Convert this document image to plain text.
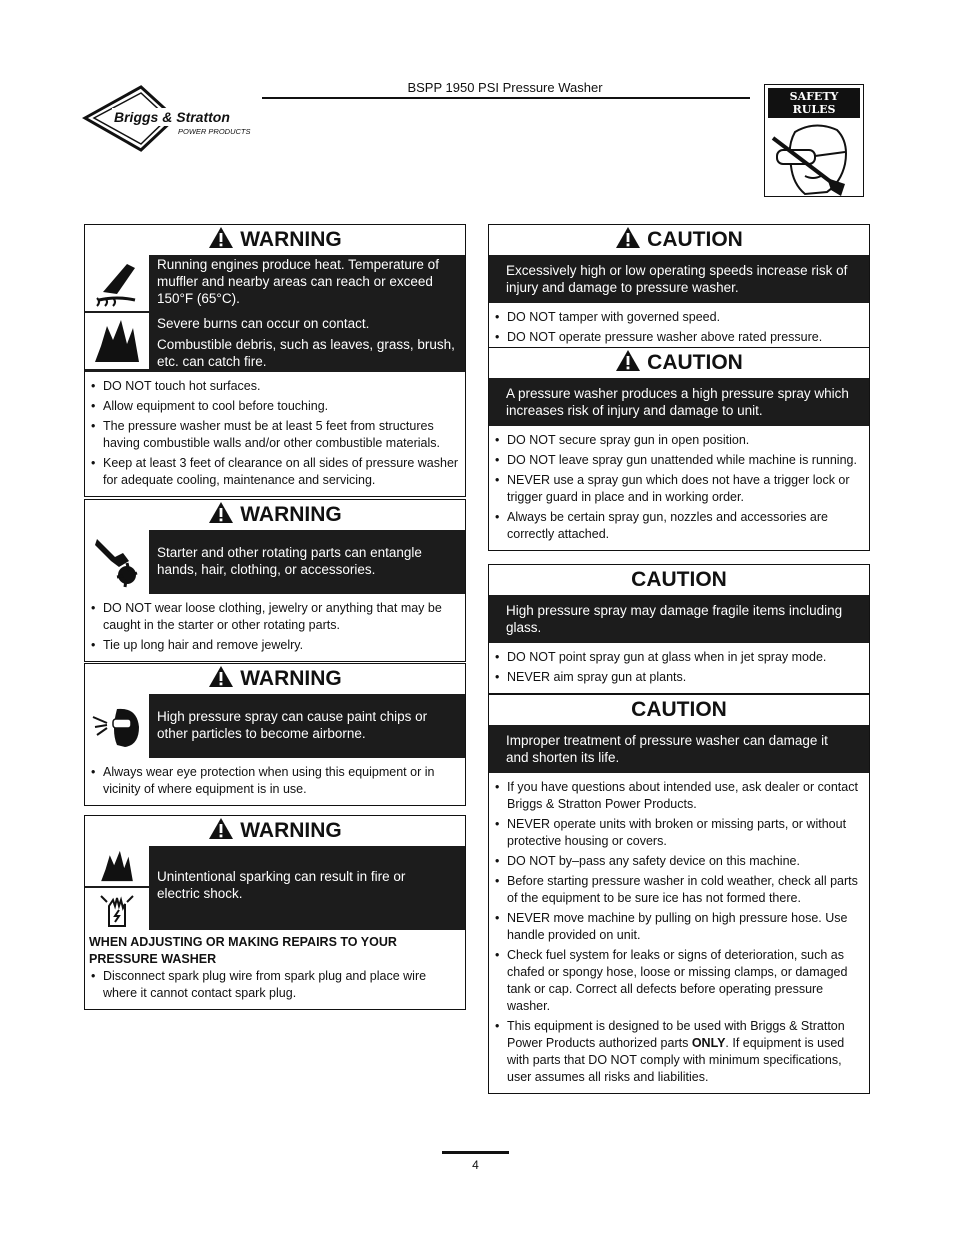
Briggs & Stratton
POWER PRODUCTS
BSPP 1950 PSI Pressure Washer
SAFETY RULES
WARNING
Running engines produce heat. Temperature of muffler and nearby areas can reach or exceed 150°F (65°C).
Severe burns can occur on contact.
Combustible debris, such as leaves, grass, brush, etc. can catch fire.
• DO NOT touch hot surfaces.
• Allow equipment to cool before touching.
• The pressure washer must be at least 5 feet from structures having combustible walls and/or other combustible materials.
• Keep at least 3 feet of clearance on all sides of pressure washer for adequate cooling, maintenance and servicing.
WARNING
Starter and other rotating parts can entangle hands, hair, clothing, or accessories.
• DO NOT wear loose clothing, jewelry or anything that may be caught in the starter or other rotating parts.
• Tie up long hair and remove jewelry.
WARNING
High pressure spray can cause paint chips or other particles to become airborne.
• Always wear eye protection when using this equipment or in vicinity of where equipment is in use.
WARNING
Unintentional sparking can result in fire or electric shock.
WHEN ADJUSTING OR MAKING REPAIRS TO YOUR PRESSURE WASHER
• Disconnect spark plug wire from spark plug and place wire where it cannot contact spark plug.
CAUTION
Excessively high or low operating speeds increase risk of injury and damage to pressure washer.
• DO NOT tamper with governed speed.
• DO NOT operate pressure washer above rated pressure.
CAUTION
A pressure washer produces a high pressure spray which increases risk of injury and damage to unit.
• DO NOT secure spray gun in open position.
• DO NOT leave spray gun unattended while machine is running.
• NEVER use a spray gun which does not have a trigger lock or trigger guard in place and in working order.
• Always be certain spray gun, nozzles and accessories are correctly attached.
CAUTION
High pressure spray may damage fragile items including glass.
• DO NOT point spray gun at glass when in jet spray mode.
• NEVER aim spray gun at plants.
CAUTION
Improper treatment of pressure washer can damage it and shorten its life.
• If you have questions about intended use, ask dealer or contact Briggs & Stratton Power Products.
• NEVER operate units with broken or missing parts, or without protective housing or covers.
• DO NOT by–pass any safety device on this machine.
• Before starting pressure washer in cold weather, check all parts of the equipment to be sure ice has not formed there.
• NEVER move machine by pulling on high pressure hose. Use handle provided on unit.
• Check fuel system for leaks or signs of deterioration, such as chafed or spongy hose, loose or missing clamps, or damaged tank or cap. Correct all defects before operating pressure washer.
• This equipment is designed to be used with Briggs & Stratton Power Products authorized parts ONLY. If equipment is used with parts that DO NOT comply with minimum specifications, user assumes all risks and liabilities.
4
